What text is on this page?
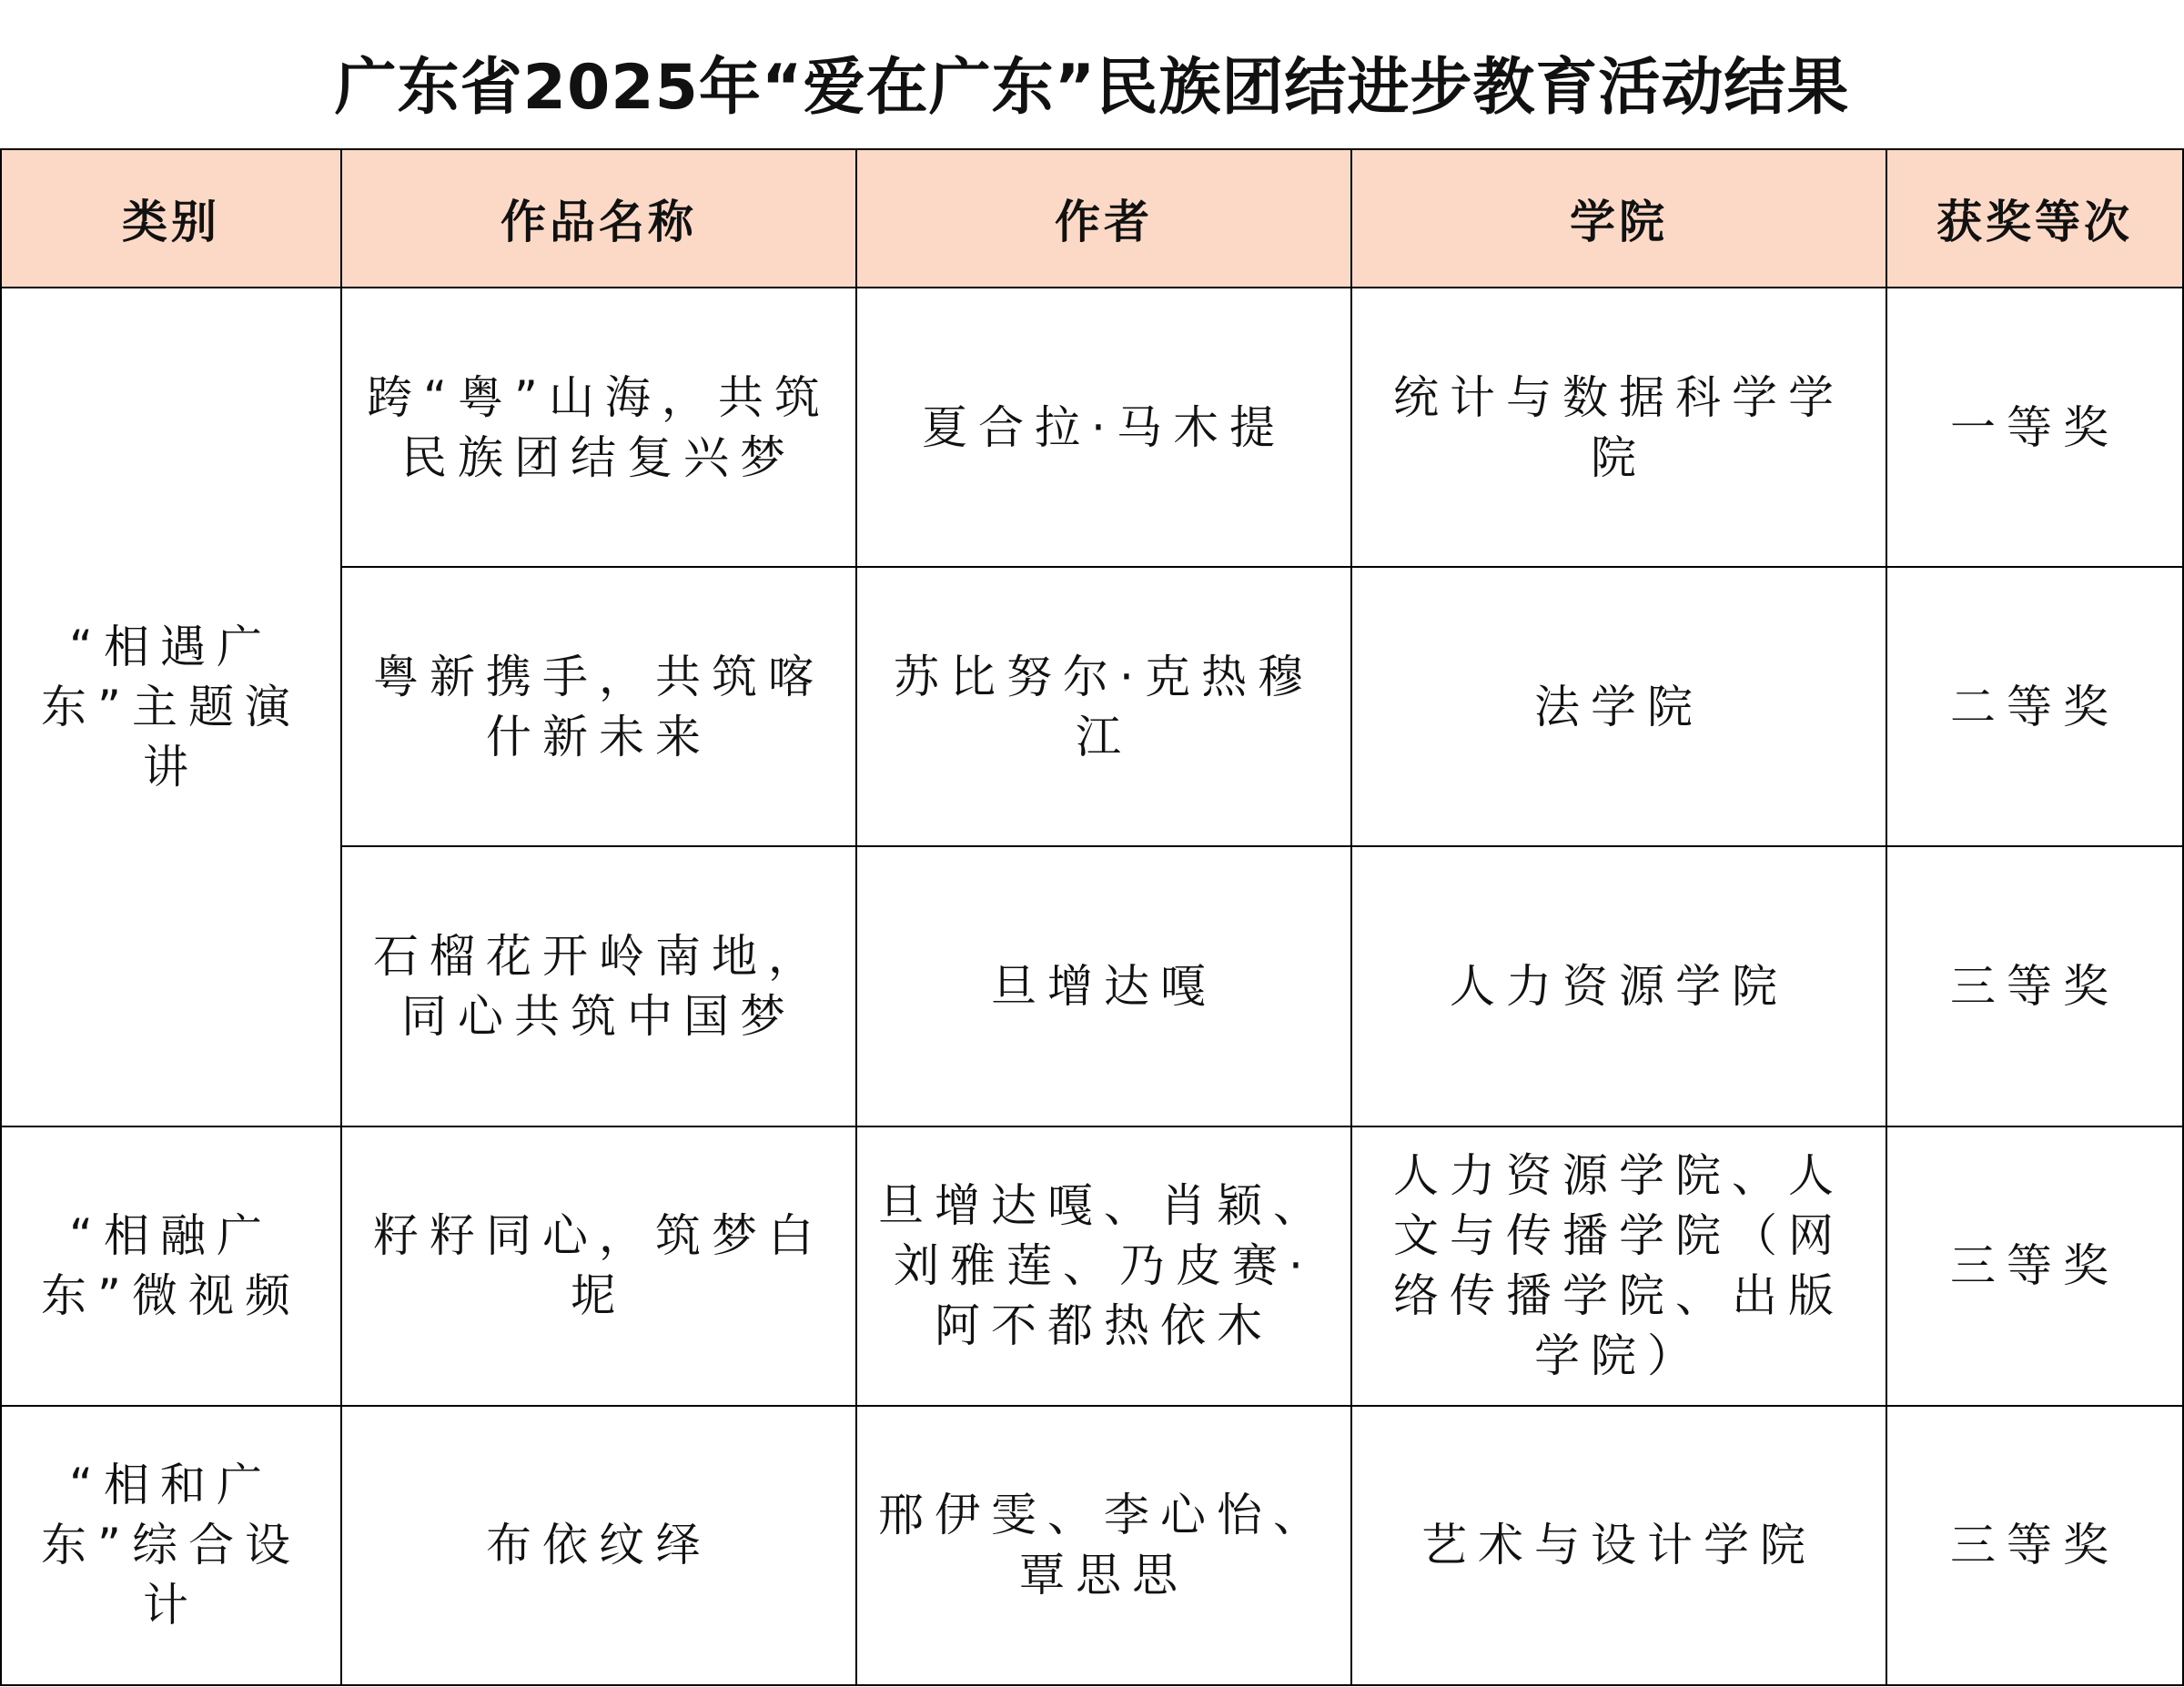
广东省2025年“爱在广东”民族团结进步教育活动结果
类别	作品名称	作者	学院	获奖等次
“相遇广东”主题演讲	跨“粤”山海，共筑民族团结复兴梦	夏合拉·马木提	统计与数据科学学院	一等奖
	粤新携手，共筑喀什新未来	苏比努尔·克热穆江	法学院	二等奖
	石榴花开岭南地，同心共筑中国梦	旦增达嘎	人力资源学院	三等奖
“相融广东”微视频	籽籽同心，筑梦白坭	旦增达嘎、肖颖、刘雅莲、乃皮赛·阿不都热依木	人力资源学院、人文与传播学院（网络传播学院、出版学院）	三等奖
“相和广东”综合设计	布依纹绎	邢伊雯、李心怡、覃思思	艺术与设计学院	三等奖
